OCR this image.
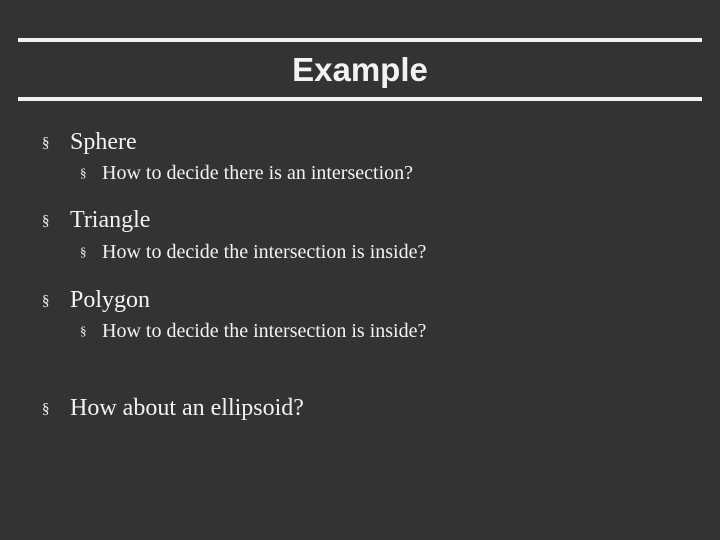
Example
§ Sphere
§ How to decide there is an intersection?
§ Triangle
§ How to decide the intersection is inside?
§ Polygon
§ How to decide the intersection is inside?
§ How about an ellipsoid?
